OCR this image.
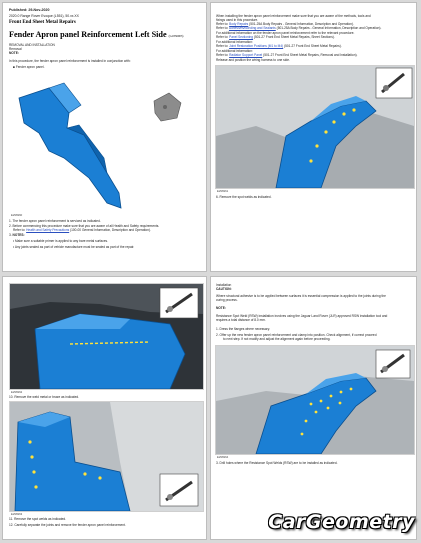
Published: 29-Nov-2020
2020.0 Range Rover Evoque (L551), 50.xx.XX
Front End Sheet Metal Repairs
Fender Apron panel Reinforcement Left Side (G1836003)
REMOVAL AND INSTALLATION
Removal
NOTE:
In this procedure, the fender apron panel reinforcement is installed in conjunction with:
■ Fender apron panel.
E296960
1. The fender apron panel reinforcement is serviced as indicated.
2. Before commencing this procedure make sure that you are aware of all Health and Safety requirements.
Refer to: Health and Safety Precautions (100-00 General Information, Description and Operation).
3. NOTES:
• Make sure a suitable primer is applied to any bare metal surfaces.
• Any joints sealed as part of vehicle manufacture must be sealed as part of the repair.
When installing the fender apron panel reinforcement make sure that you are aware of the methods, tools and
fixings used in this procedure.
Refer to: Body Repairs (501-25A Body Repairs - General Information, Description and Operation).
Refer to: Adhesives/Bonding and Sealants (501-25A Body Repairs - General Information, Description and Operation).
For additional information on the fender apron panel reinforcement refer to the relevant procedure.
Refer to: Panel Sectioning (501-27 Front End Sheet Metal Repairs, Sheet Sections).
For additional information:
Refer to: Joint Restoration Positions (M1 to M4) (501-27 Front End Sheet Metal Repairs).
For additional information:
Refer to: Radiator Support Panel (501-27 Front End Sheet Metal Repairs, Removal and Installation).
Release and position the wiring harness to one side.
E296961
6. Remove the spot welds as indicated.
E296962
10. Remove the weld metal or braze as indicated.
E296963
11. Remove the spot welds as indicated.
12. Carefully separate the joints and remove the fender apron panel reinforcement.
Installation
CAUTION:
Where structural adhesive is to be applied between surfaces it is essential compression is applied to the joints during the
curing process.
NOTE:
Resistance Spot Weld (RSW) installation involves using the Jaguar Land Rover (JLR) approved RSW installation tool and
requires a total distance of 8.0 mm.
1. Dress the flanges where necessary.
2. Offer up the new fender apron panel reinforcement and clamp into position. Check alignment, if correct proceed
to next step. If not modify and adjust the alignment again before proceeding.
E296964
3. Drill holes where the Resistance Spot Welds (RSW) are to be installed as indicated.
CarGeometry
